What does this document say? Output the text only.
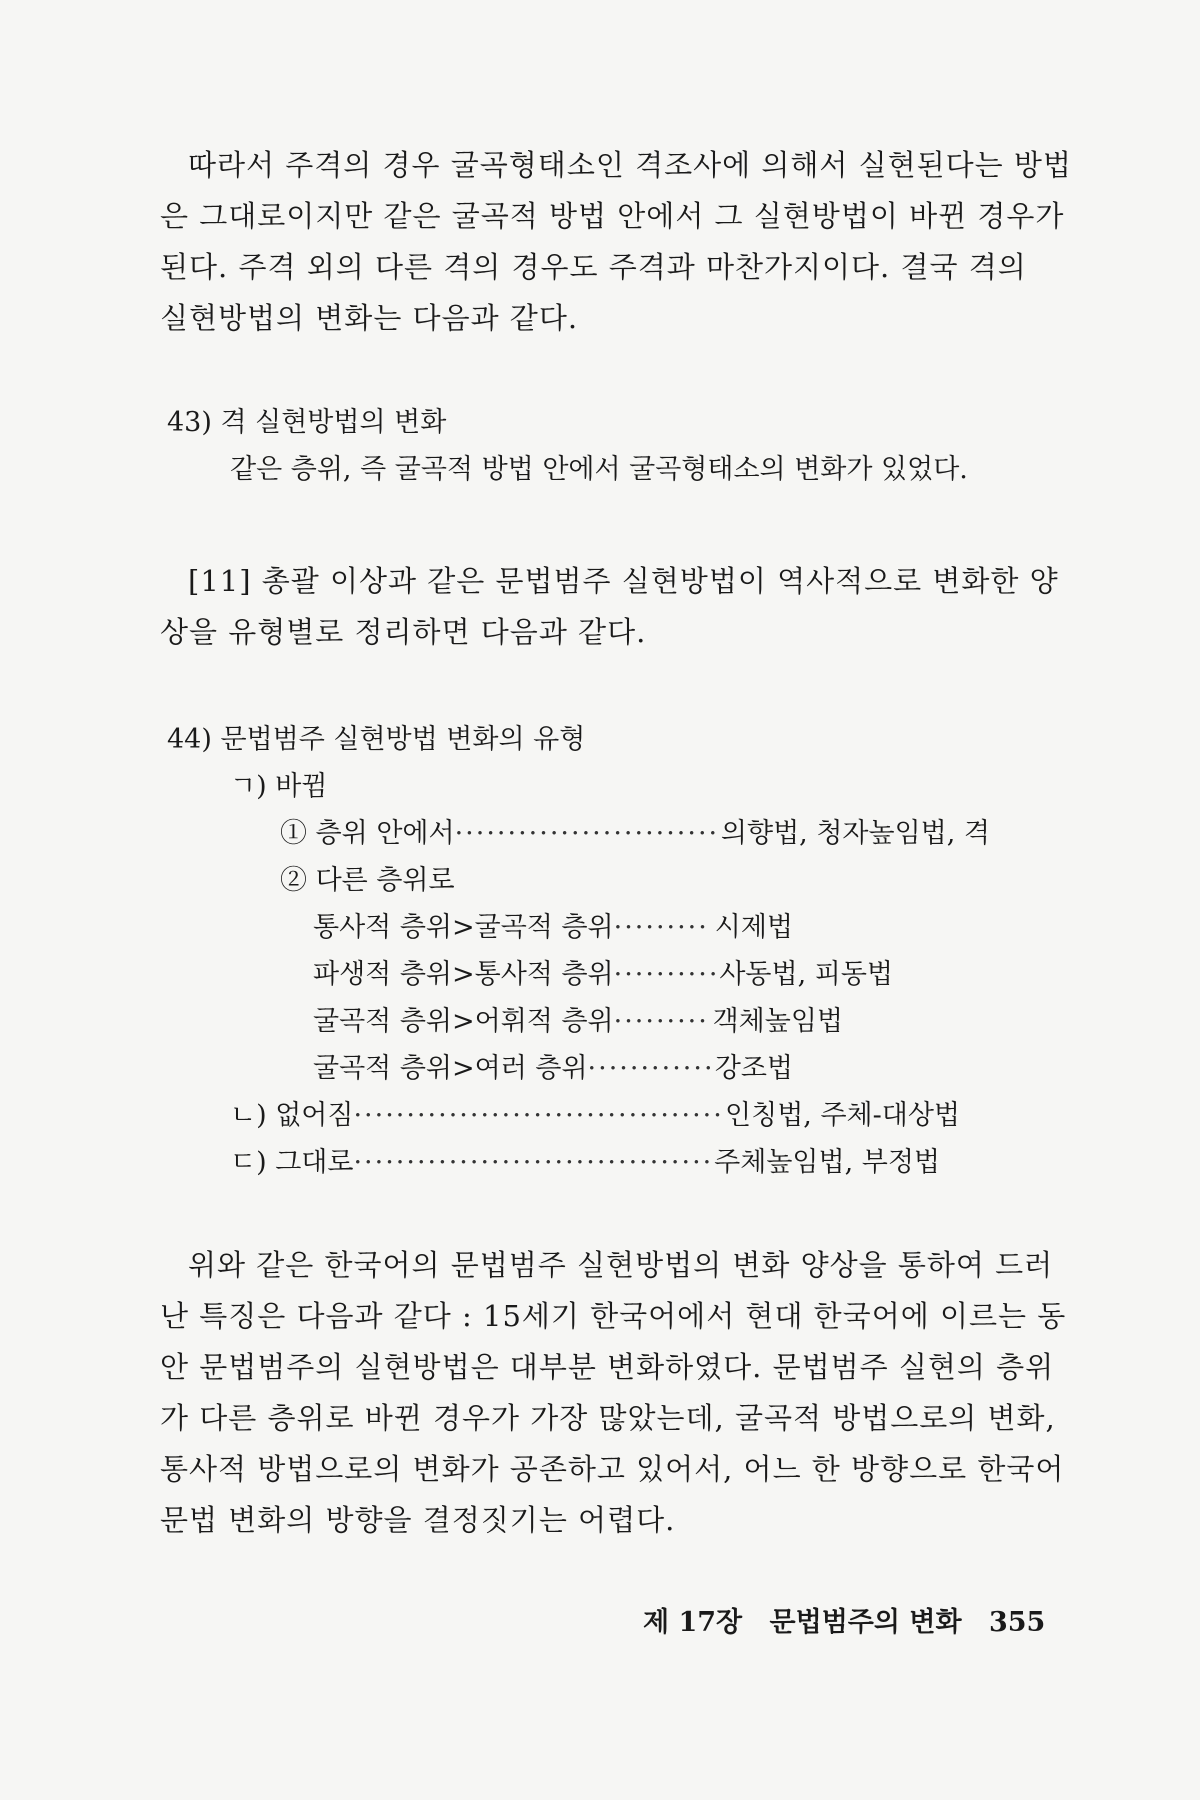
따라서 주격의 경우 굴곡형태소인 격조사에 의해서 실현된다는 방법
은 그대로이지만 같은 굴곡적 방법 안에서 그 실현방법이 바뀐 경우가
된다. 주격 외의 다른 격의 경우도 주격과 마찬가지이다. 결국 격의
실현방법의 변화는 다음과 같다.

43) 격 실현방법의 변화
같은 층위, 즉 굴곡적 방법 안에서 굴곡형태소의 변화가 있었다.

[11] 총괄 이상과 같은 문법범주 실현방법이 역사적으로 변화한 양
상을 유형별로 정리하면 다음과 같다.

44) 문법범주 실현방법 변화의 유형
ㄱ) 바뀜
① 층위 안에서 ·····	의향법, 청자높임법, 격
② 다른 층위로
통사적 층위>굴곡적 층위 ·····	시제법
파생적 층위>통사적 층위 ·····	사동법, 피동법
굴곡적 층위>어휘적 층위 ·····	객체높임법
굴곡적 층위>여러 층위 ·····	강조법
ㄴ) 없어짐 ·····	인칭법, 주체-대상법
ㄷ) 그대로 ·····	주체높임법, 부정법

위와 같은 한국어의 문법범주 실현방법의 변화 양상을 통하여 드러
난 특징은 다음과 같다 : 15세기 한국어에서 현대 한국어에 이르는 동
안 문법범주의 실현방법은 대부분 변화하였다. 문법범주 실현의 층위
가 다른 층위로 바뀐 경우가 가장 많았는데, 굴곡적 방법으로의 변화,
통사적 방법으로의 변화가 공존하고 있어서, 어느 한 방향으로 한국어
문법 변화의 방향을 결정짓기는 어렵다.

제 17장 문법범주의 변화 355
